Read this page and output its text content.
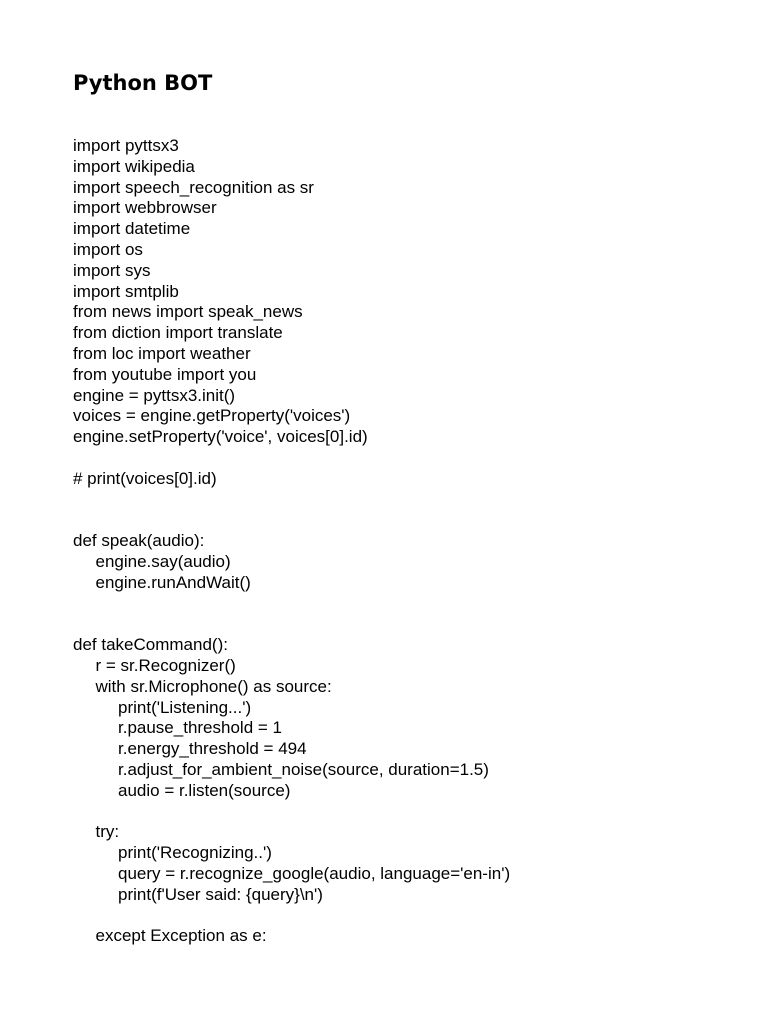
Python BOT
import pyttsx3
import wikipedia
import speech_recognition as sr
import webbrowser
import datetime
import os
import sys
import smtplib
from news import speak_news
from diction import translate
from loc import weather
from youtube import you
engine = pyttsx3.init()
voices = engine.getProperty('voices')
engine.setProperty('voice', voices[0].id)
# print(voices[0].id)
def speak(audio):
engine.say(audio)
engine.runAndWait()
def takeCommand():
r = sr.Recognizer()
with sr.Microphone() as source:
print('Listening...')
r.pause_threshold = 1
r.energy_threshold = 494
r.adjust_for_ambient_noise(source, duration=1.5)
audio = r.listen(source)
try:
print('Recognizing..')
query = r.recognize_google(audio, language='en-in')
print(f'User said: {query}\n')
except Exception as e:
